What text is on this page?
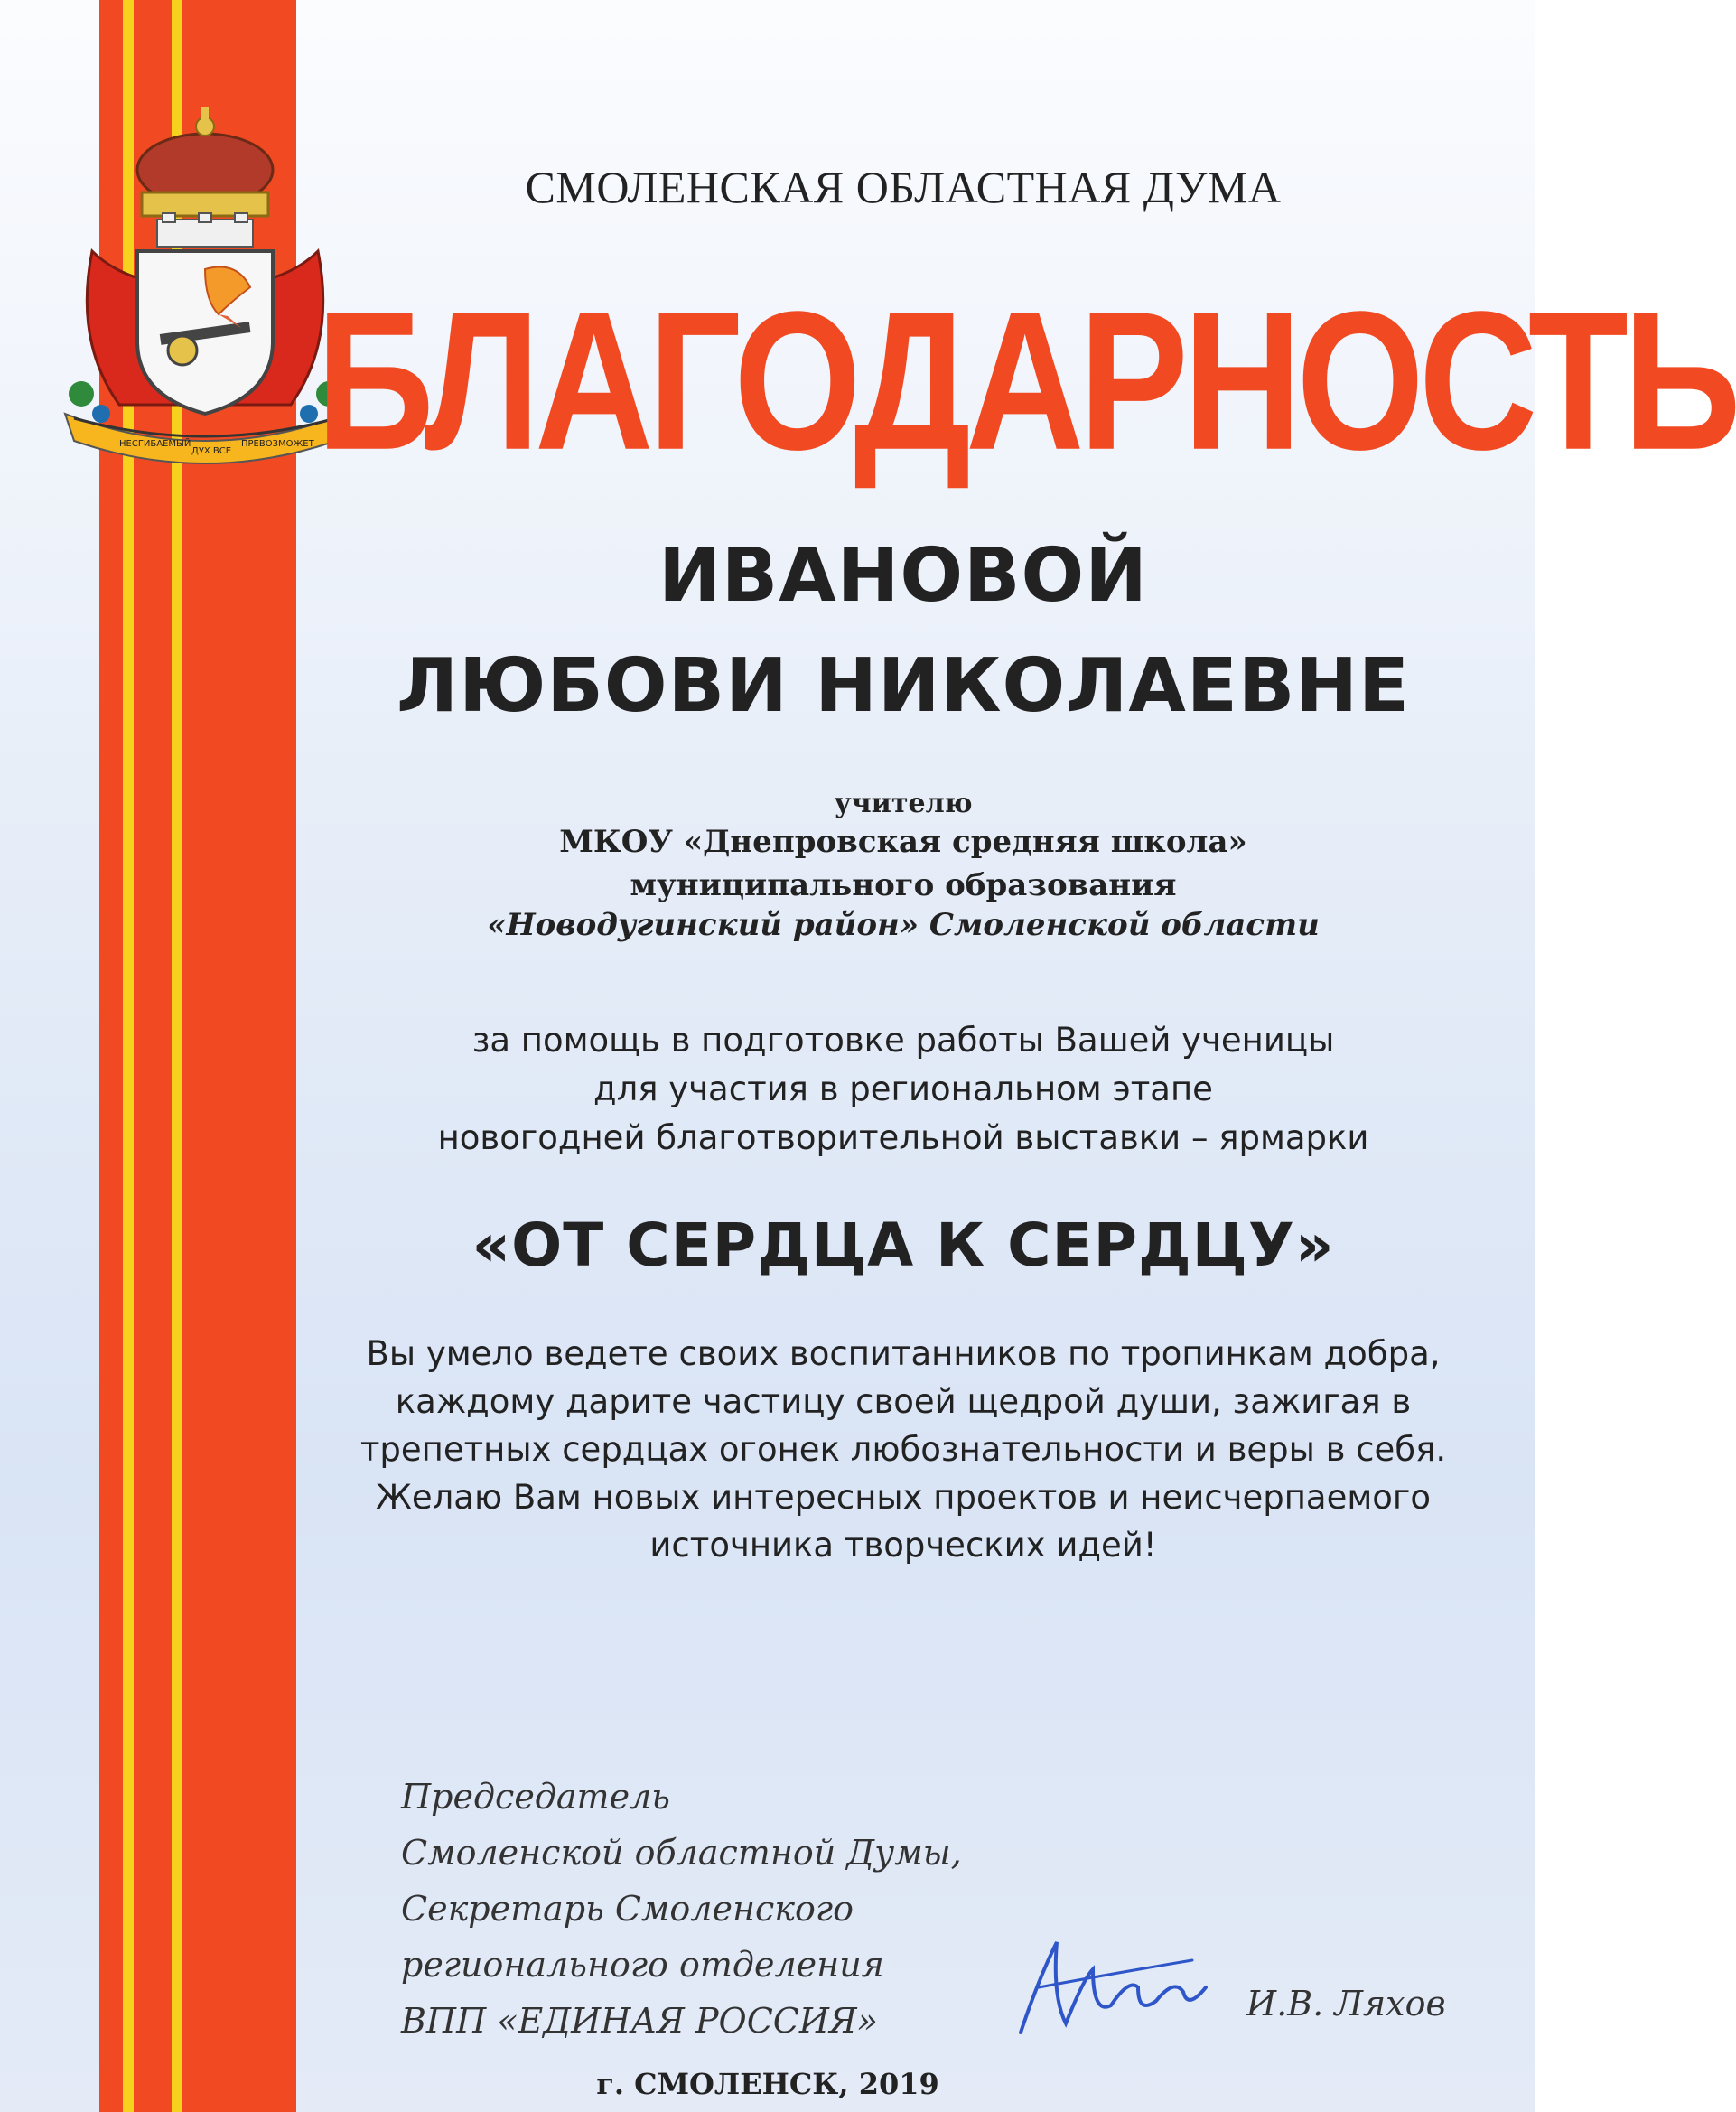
НЕСГИБАЕМЫЙ
ДУХ ВСЕ
ПРЕВОЗМОЖЕТ
СМОЛЕНСКАЯ ОБЛАСТНАЯ ДУМА
БЛАГОДАРНОСТЬ
ИВАНОВОЙ
ЛЮБОВИ НИКОЛАЕВНЕ
учителю
МКОУ «Днепровская средняя школа»
муниципального образования
«Новодугинский район» Смоленской области
за помощь в подготовке работы Вашей ученицы
для участия в региональном этапе
новогодней благотворительной выставки – ярмарки
«ОТ СЕРДЦА К СЕРДЦУ»
Вы умело ведете своих воспитанников по тропинкам добра,
каждому дарите частицу своей щедрой души, зажигая в
трепетных сердцах огонек любознательности и веры в себя.
Желаю Вам новых интересных проектов и неисчерпаемого
источника творческих идей!
Председатель
Смоленской областной Думы,
Секретарь Смоленского
регионального отделения
ВПП «ЕДИНАЯ РОССИЯ»	И.В. Ляхов
г. СМОЛЕНСК, 2019
